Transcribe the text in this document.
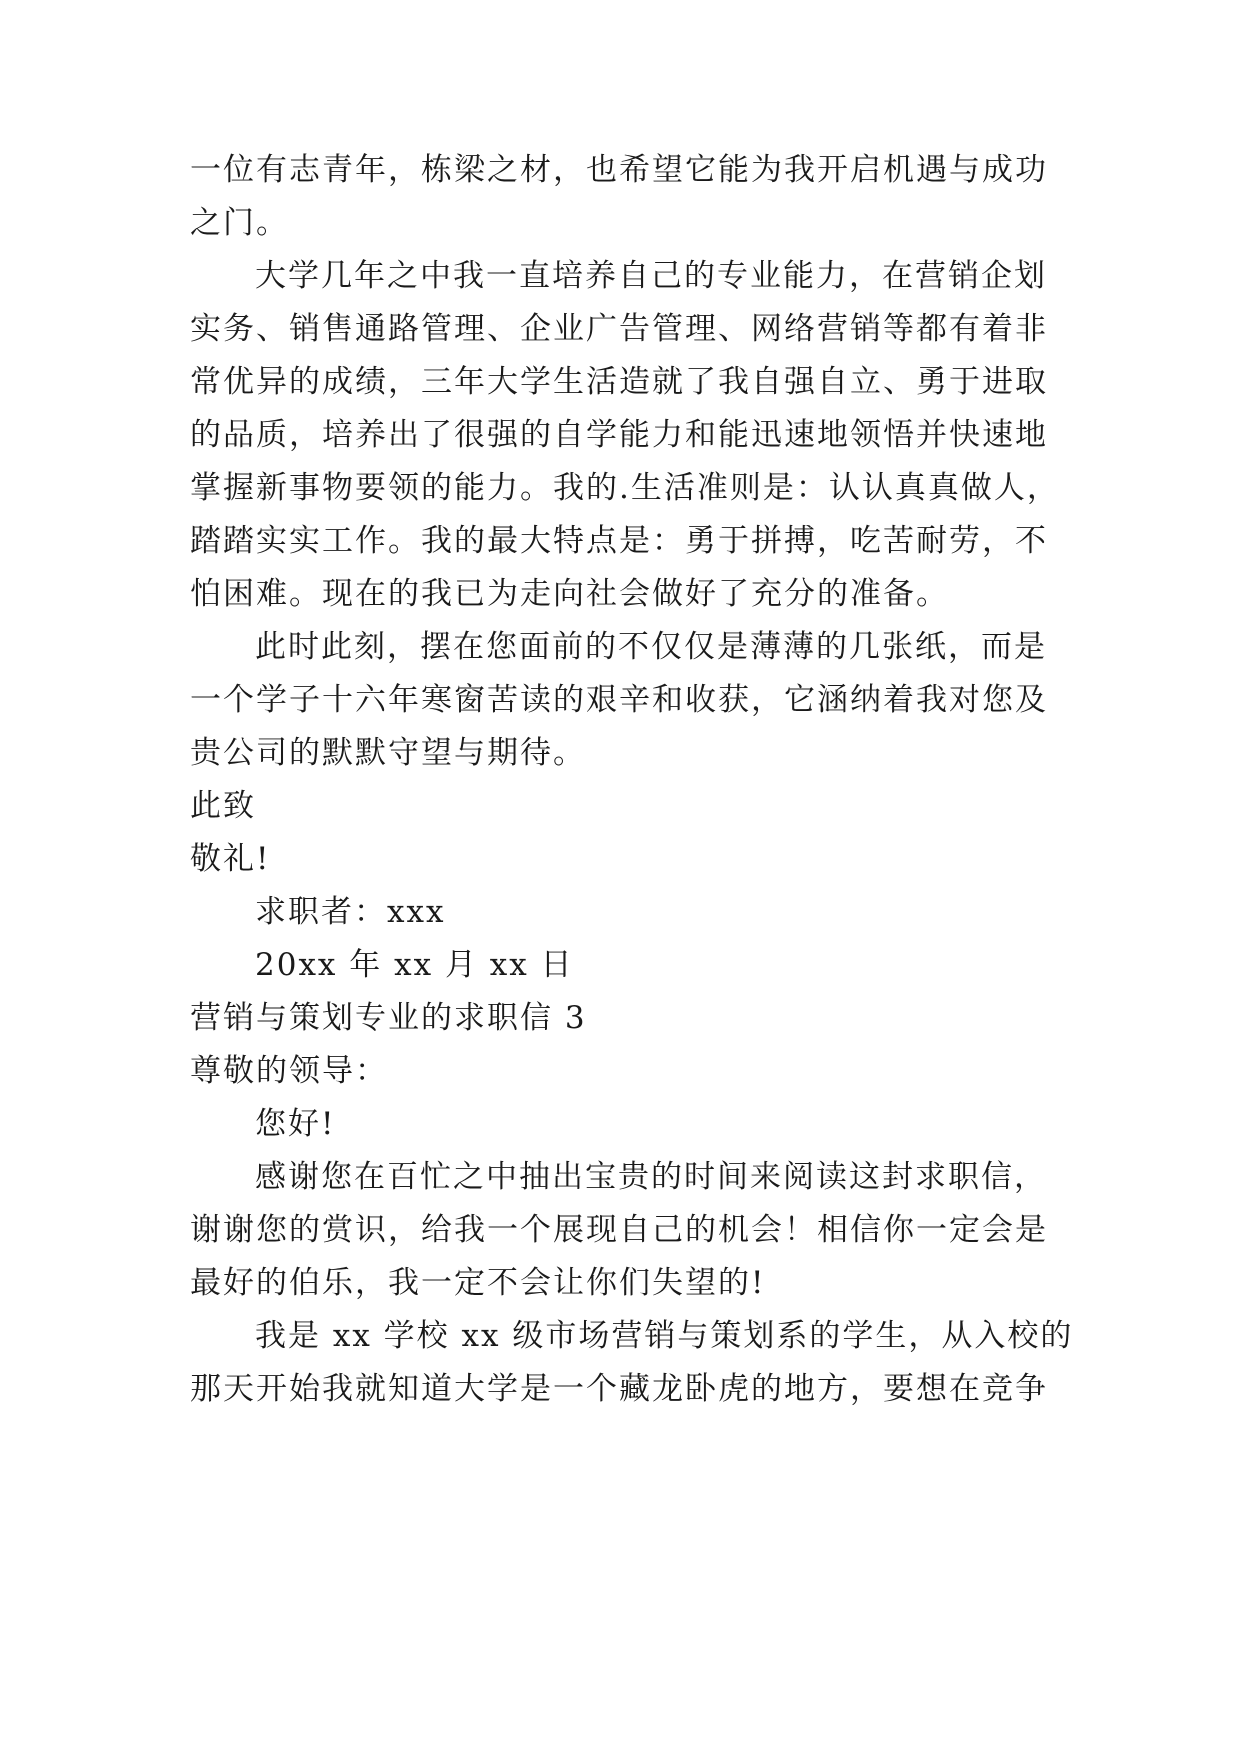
一位有志青年，栋梁之材，也希望它能为我开启机遇与成功
之门。
大学几年之中我一直培养自己的专业能力，在营销企划
实务、销售通路管理、企业广告管理、网络营销等都有着非
常优异的成绩，三年大学生活造就了我自强自立、勇于进取
的品质，培养出了很强的自学能力和能迅速地领悟并快速地
掌握新事物要领的能力。我的.生活准则是：认认真真做人，
踏踏实实工作。我的最大特点是：勇于拼搏，吃苦耐劳，不
怕困难。现在的我已为走向社会做好了充分的准备。
此时此刻，摆在您面前的不仅仅是薄薄的几张纸，而是
一个学子十六年寒窗苦读的艰辛和收获，它涵纳着我对您及
贵公司的默默守望与期待。
此致
敬礼!
求职者：xxx
20xx 年 xx 月 xx 日
营销与策划专业的求职信 3
尊敬的领导：
您好!
感谢您在百忙之中抽出宝贵的时间来阅读这封求职信，
谢谢您的赏识，给我一个展现自己的机会！相信你一定会是
最好的伯乐，我一定不会让你们失望的!
我是 xx 学校 xx 级市场营销与策划系的学生，从入校的
那天开始我就知道大学是一个藏龙卧虎的地方，要想在竞争
